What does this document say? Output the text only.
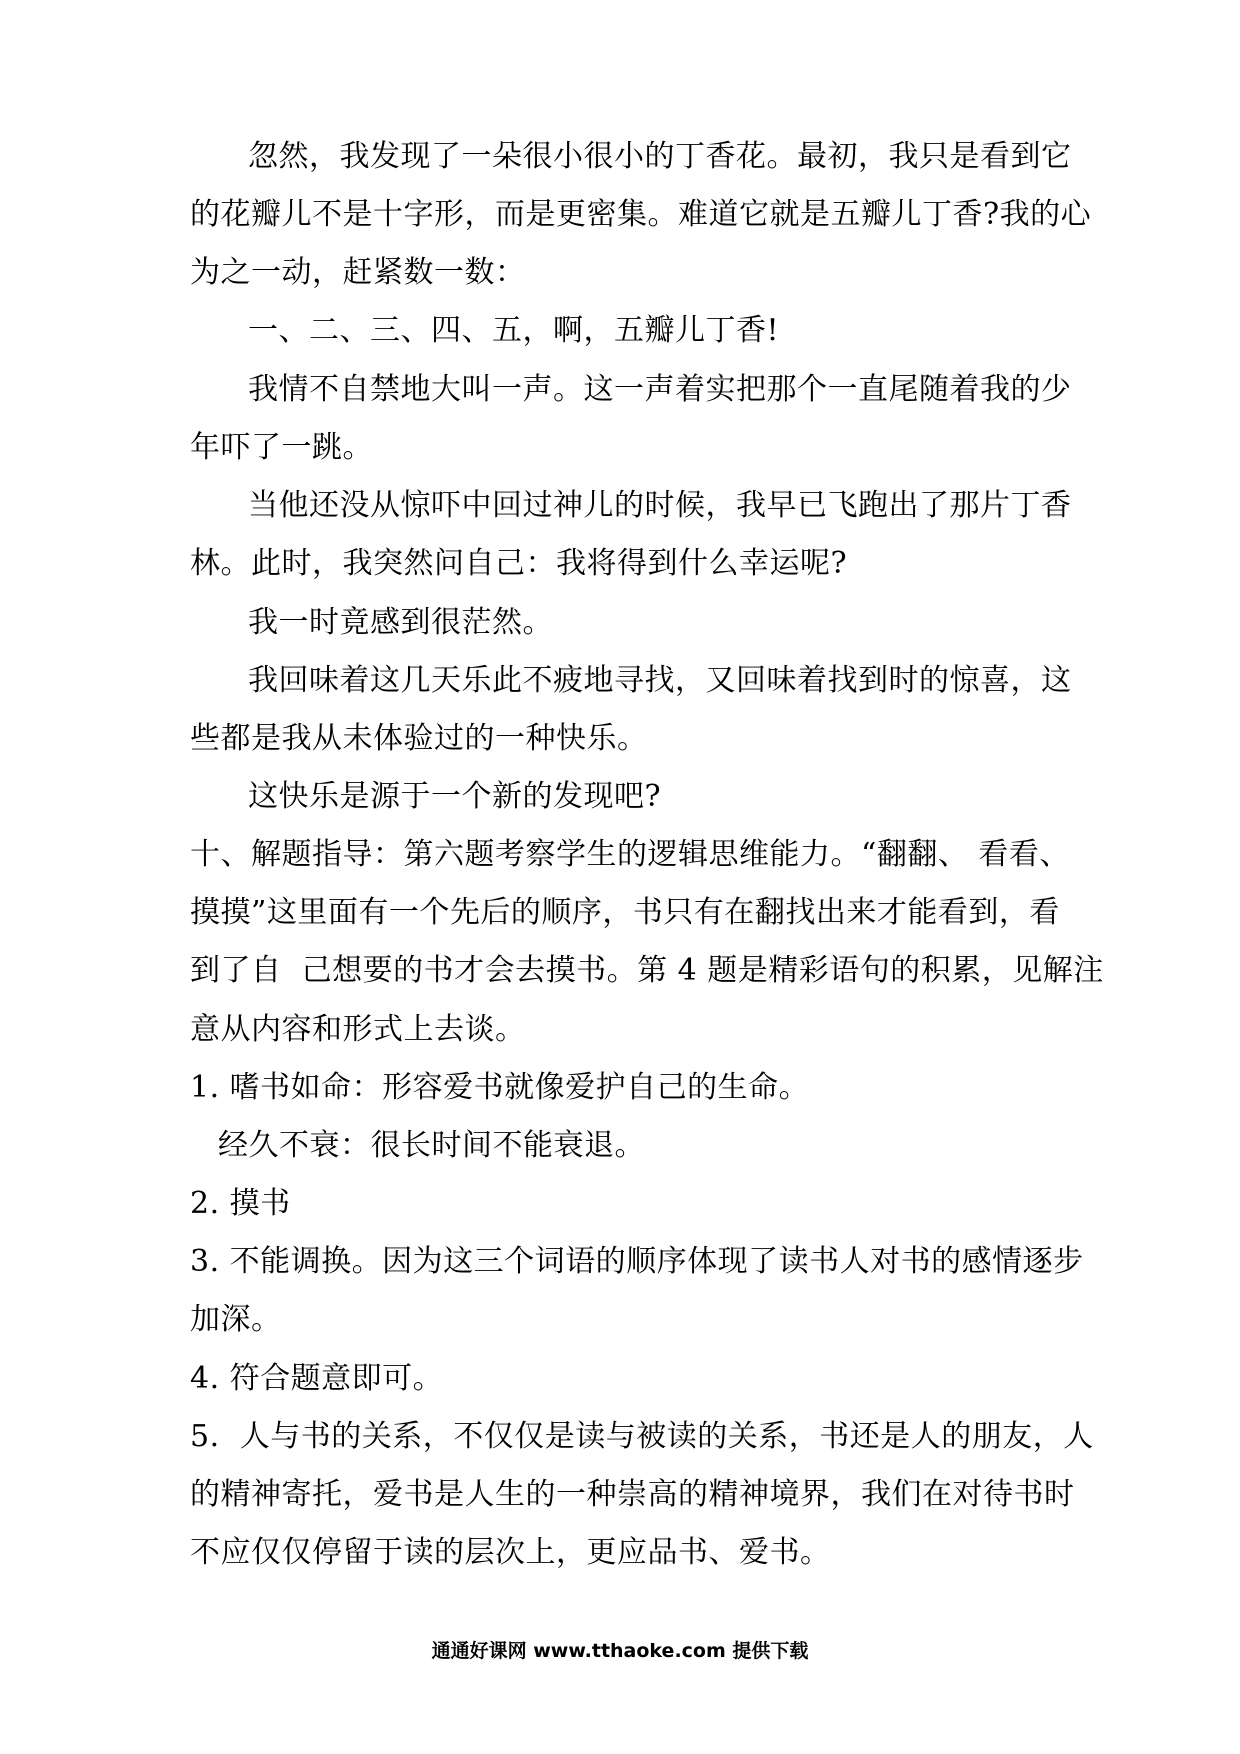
忽然，我发现了一朵很小很小的丁香花。最初，我只是看到它
的花瓣儿不是十字形，而是更密集。难道它就是五瓣儿丁香?我的心
为之一动，赶紧数一数：
一、二、三、四、五，啊，五瓣儿丁香!
我情不自禁地大叫一声。这一声着实把那个一直尾随着我的少
年吓了一跳。
当他还没从惊吓中回过神儿的时候，我早已飞跑出了那片丁香
林。此时，我突然问自己：我将得到什么幸运呢?
我一时竟感到很茫然。
我回味着这几天乐此不疲地寻找，又回味着找到时的惊喜，这
些都是我从未体验过的一种快乐。
这快乐是源于一个新的发现吧?
十、解题指导：第六题考察学生的逻辑思维能力。“翻翻、 看看、
摸摸”这里面有一个先后的顺序，书只有在翻找出来才能看到，看
到了自  己想要的书才会去摸书。第 4 题是精彩语句的积累，见解注
意从内容和形式上去谈。
1. 嗜书如命：形容爱书就像爱护自己的生命。
经久不衰：很长时间不能衰退。
2. 摸书
3. 不能调换。因为这三个词语的顺序体现了读书人对书的感情逐步
加深。
4. 符合题意即可。
5.  人与书的关系，不仅仅是读与被读的关系，书还是人的朋友，人
的精神寄托，爱书是人生的一种崇高的精神境界，我们在对待书时
不应仅仅停留于读的层次上，更应品书、爱书。
通通好课网 www.tthaoke.com 提供下载
